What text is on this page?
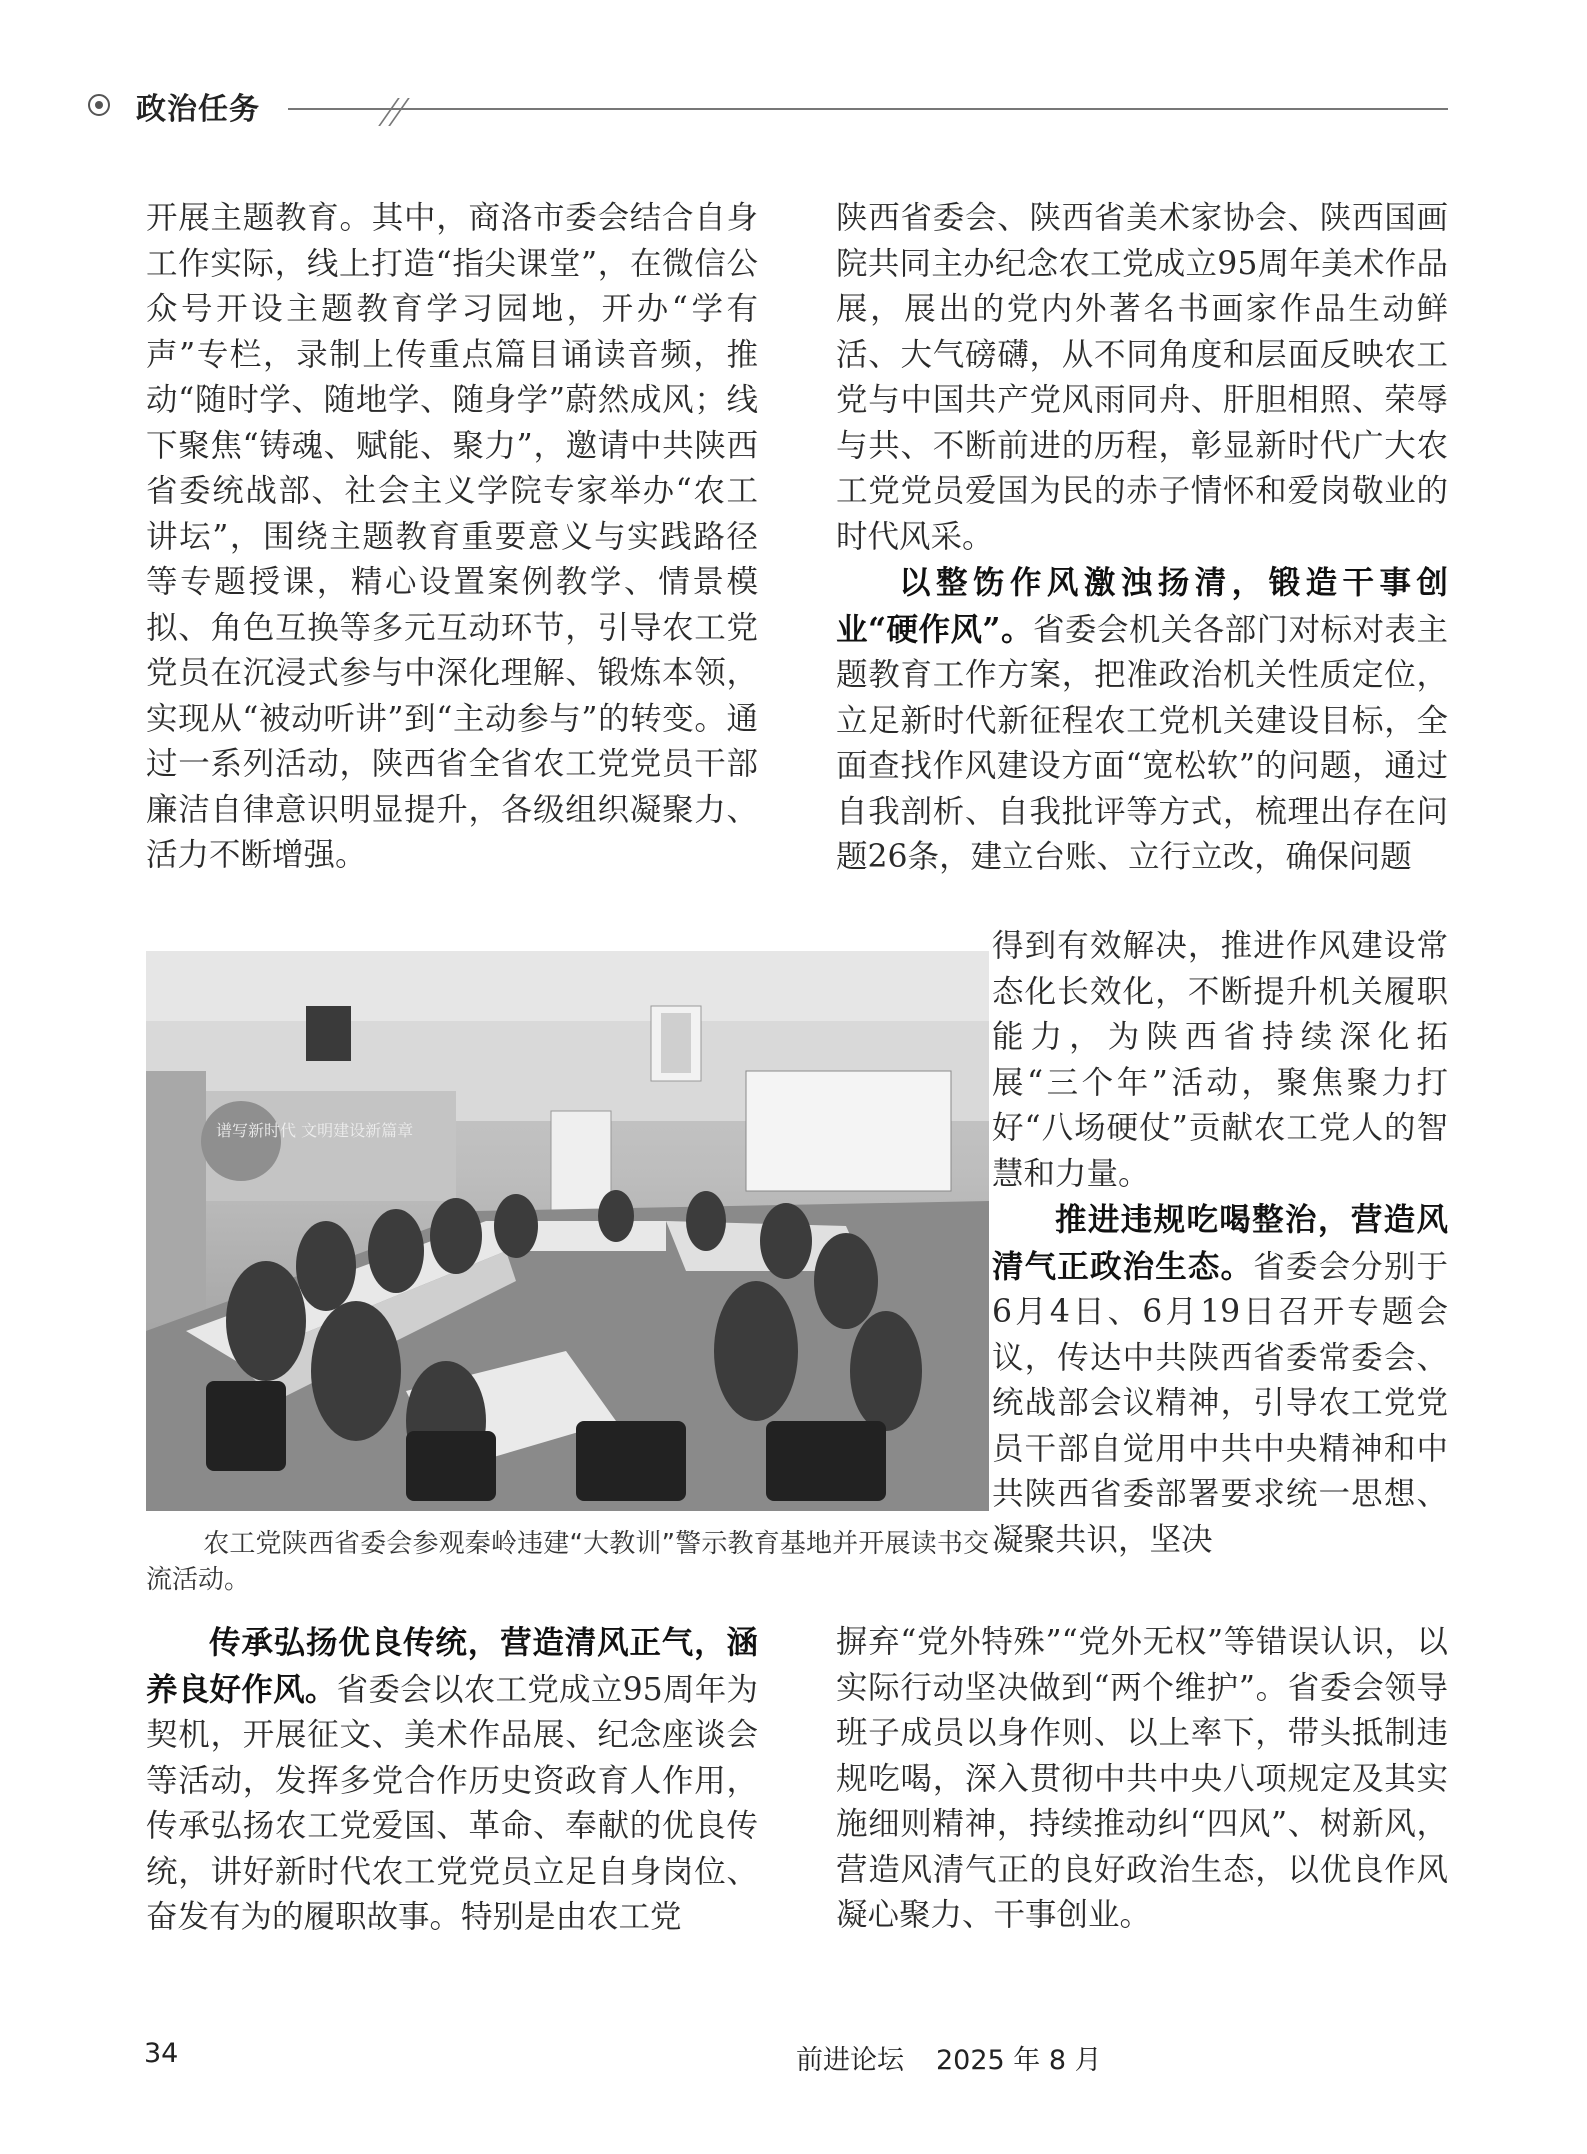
政治任务

开展主题教育。其中，商洛市委会结合自身工作实际，线上打造“指尖课堂”，在微信公众号开设主题教育学习园地，开办“学有声”专栏，录制上传重点篇目诵读音频，推动“随时学、随地学、随身学”蔚然成风；线下聚焦“铸魂、赋能、聚力”，邀请中共陕西省委统战部、社会主义学院专家举办“农工讲坛”，围绕主题教育重要意义与实践路径等专题授课，精心设置案例教学、情景模拟、角色互换等多元互动环节，引导农工党党员在沉浸式参与中深化理解、锻炼本领，实现从“被动听讲”到“主动参与”的转变。通过一系列活动，陕西省全省农工党党员干部廉洁自律意识明显提升，各级组织凝聚力、活力不断增强。

传承弘扬优良传统，营造清风正气，涵养良好作风。省委会以农工党成立95周年为契机，开展征文、美术作品展、纪念座谈会等活动，发挥多党合作历史资政育人作用，传承弘扬农工党爱国、革命、奉献的优良传统，讲好新时代农工党党员立足自身岗位、奋发有为的履职故事。特别是由农工党

陕西省委会、陕西省美术家协会、陕西国画院共同主办纪念农工党成立95周年美术作品展，展出的党内外著名书画家作品生动鲜活、大气磅礴，从不同角度和层面反映农工党与中国共产党风雨同舟、肝胆相照、荣辱与共、不断前进的历程，彰显新时代广大农工党党员爱国为民的赤子情怀和爱岗敬业的时代风采。

以整饬作风激浊扬清，锻造干事创业“硬作风”。省委会机关各部门对标对表主题教育工作方案，把准政治机关性质定位，立足新时代新征程农工党机关建设目标，全面查找作风建设方面“宽松软”的问题，通过自我剖析、自我批评等方式，梳理出存在问题26条，建立台账、立行立改，确保问题

得到有效解决，推进作风建设常态化长效化，不断提升机关履职能力，为陕西省持续深化拓展“三个年”活动，聚焦聚力打好“八场硬仗”贡献农工党人的智慧和力量。

推进违规吃喝整治，营造风清气正政治生态。省委会分别于6月4日、6月19日召开专题会议，传达中共陕西省委常委会、统战部会议精神，引导农工党党员干部自觉用中共中央精神和中共陕西省委部署要求统一思想、凝聚共识，坚决

摒弃“党外特殊”“党外无权”等错误认识，以实际行动坚决做到“两个维护”。省委会领导班子成员以身作则、以上率下，带头抵制违规吃喝，深入贯彻中共中央八项规定及其实施细则精神，持续推动纠“四风”、树新风，营造风清气正的良好政治生态，以优良作风凝心聚力、干事创业。

谱写新时代 文明建设新篇章

农工党陕西省委会参观秦岭违建“大教训”警示教育基地并开展读书交流活动。

34	前进论坛 2025 年 8 月
